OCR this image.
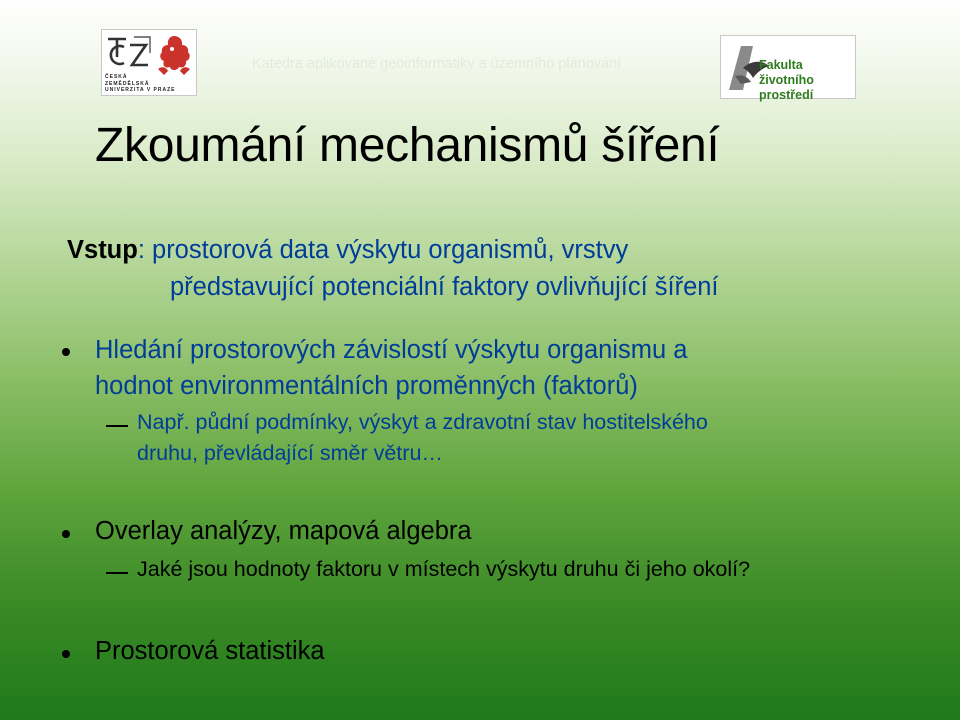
ČESKÁ
ZEMĚDĚLSKÁ
UNIVERZITA V PRAZE
Katedra aplikované geoinformatiky a územního plánování	Fakulta životního
prostředí
Zkoumání mechanismů šíření
Vstup: prostorová data výskytu organismů, vrstvy
představující potenciální faktory ovlivňující šíření
Hledání prostorových závislostí výskytu organismu a
hodnot environmentálních proměnných (faktorů)
Např. půdní podmínky, výskyt a zdravotní stav hostitelského
druhu, převládající směr větru…
Overlay analýzy, mapová algebra
Jaké jsou hodnoty faktoru v místech výskytu druhu či jeho okolí?
Prostorová statistika
